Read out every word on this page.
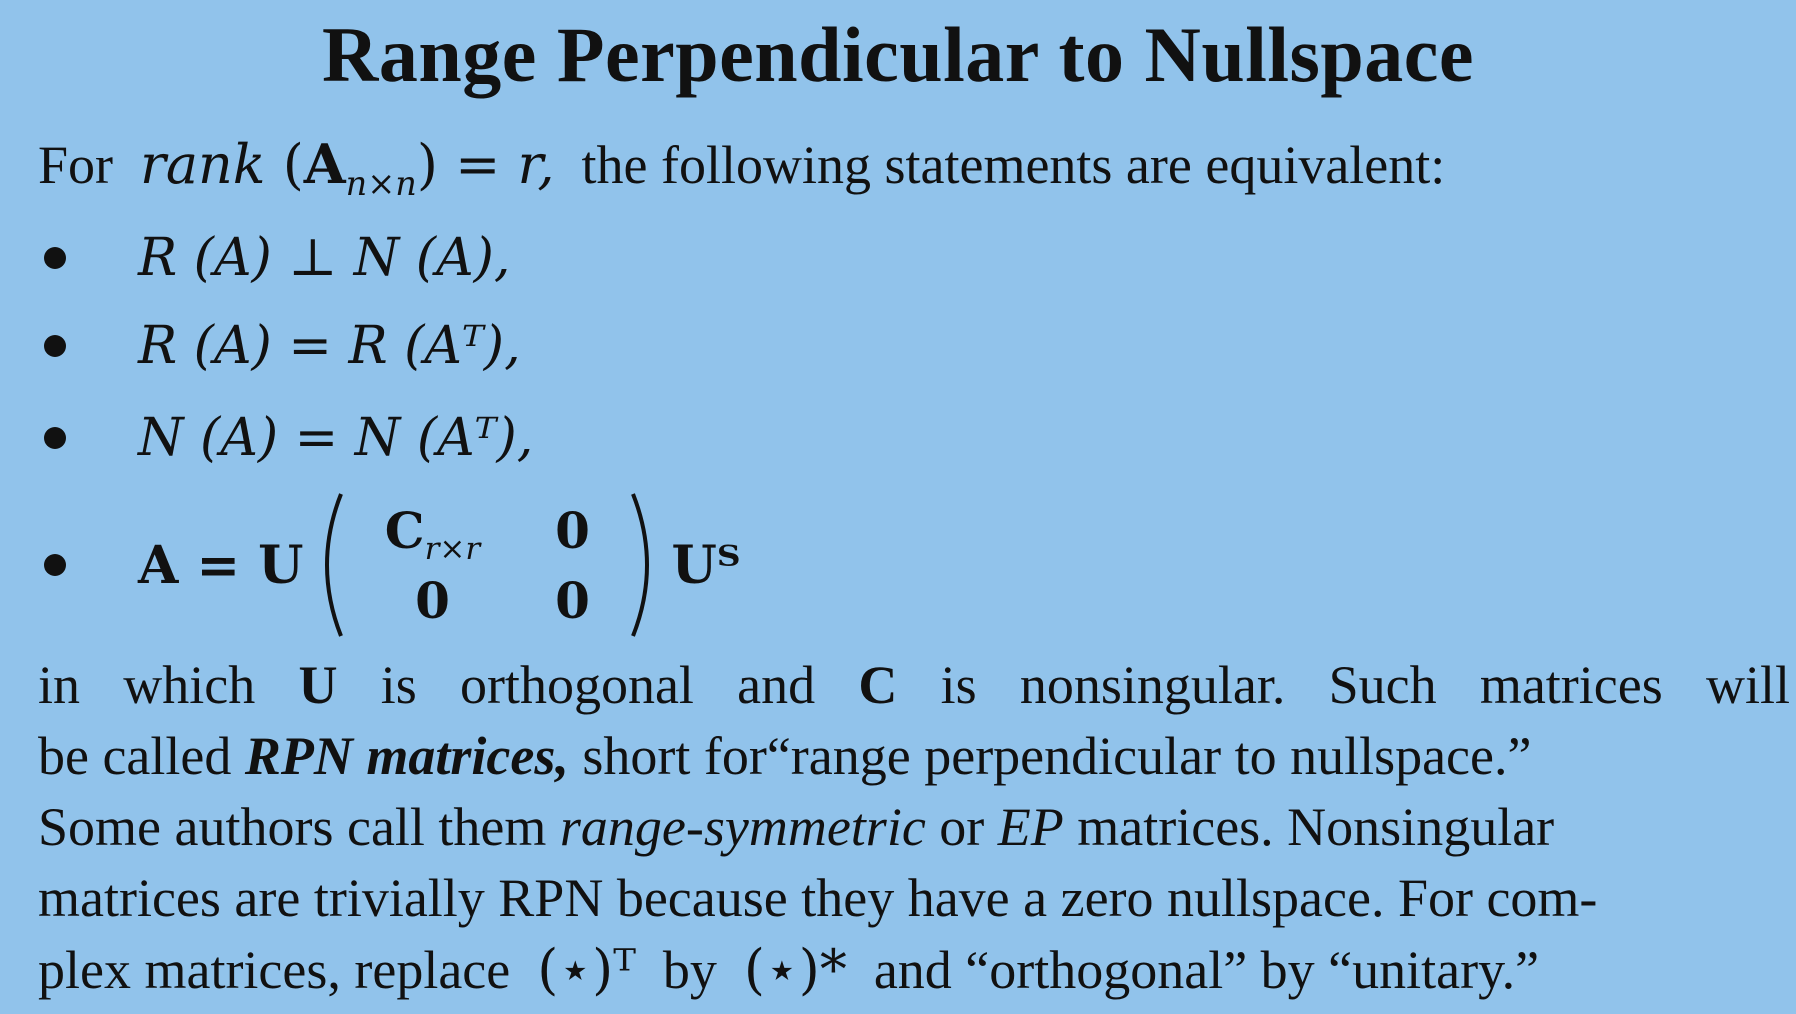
Range Perpendicular to Nullspace
For rank $(A_{n\times n}) = r$, the following statements are equivalent:
R (A) ⊥ N (A),
R (A) = R (Aᵀ),
N (A) = N (Aᵀ),
A = U
$C_{r\times r}$ 0
0 0
Uᵀ
in which U is orthogonal and C is nonsingular. Such matrices will
be called RPN matrices, short for“range perpendicular to nullspace.”
Some authors call them range-symmetric or EP matrices. Nonsingular
matrices are trivially RPN because they have a zero nullspace. For com-
plex matrices, replace (⋆)ᵀ by (⋆)* and “orthogonal” by “unitary.”
